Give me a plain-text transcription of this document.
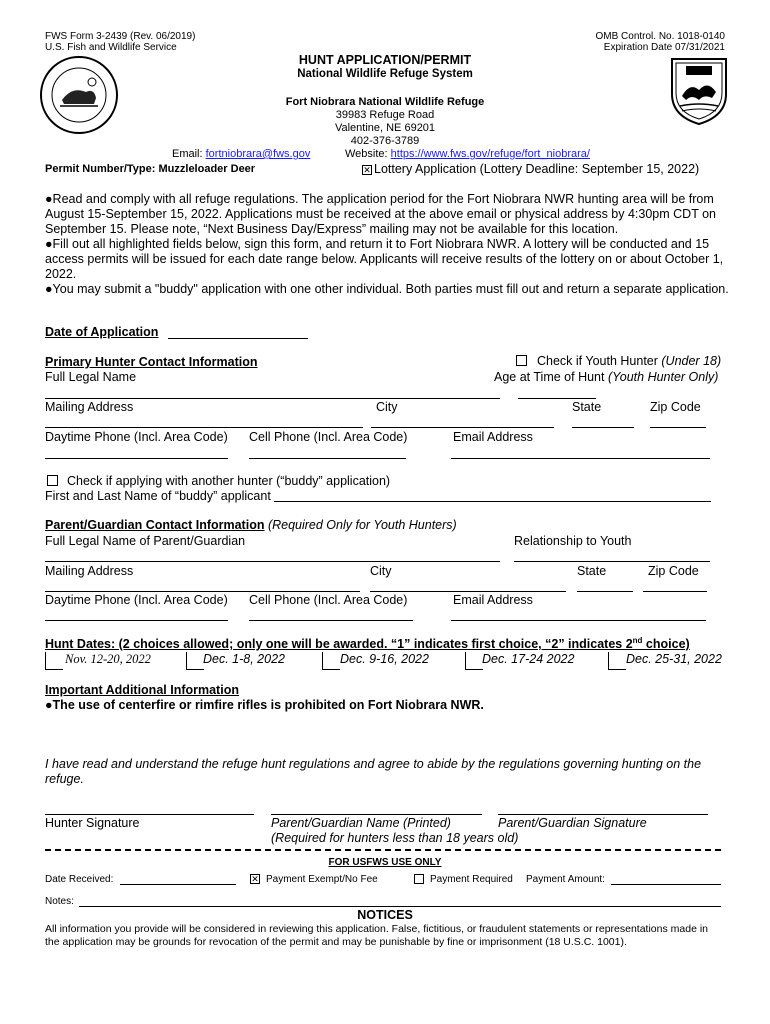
FWS Form 3-2439 (Rev. 06/2019)
U.S. Fish and Wildlife Service
OMB Control. No. 1018-0140
Expiration Date 07/31/2021
HUNT APPLICATION/PERMIT
National Wildlife Refuge System
Fort Niobrara National Wildlife Refuge
39983 Refuge Road
Valentine, NE 69201
402-376-3789
Email: fortniobrara@fws.gov	Website: https://www.fws.gov/refuge/fort_niobrara/
Permit Number/Type: Muzzleloader Deer	✕ Lottery Application (Lottery Deadline: September 15, 2022)
●Read and comply with all refuge regulations. The application period for the Fort Niobrara NWR hunting area will be from August 15-September 15, 2022. Applications must be received at the above email or physical address by 4:30pm CDT on September 15. Please note, “Next Business Day/Express” mailing may not be available for this location.
●Fill out all highlighted fields below, sign this form, and return it to Fort Niobrara NWR. A lottery will be conducted and 15 access permits will be issued for each date range below. Applicants will receive results of the lottery on or about October 1, 2022.
●You may submit a "buddy" application with one other individual. Both parties must fill out and return a separate application.
Date of Application
Primary Hunter Contact Information	Check if Youth Hunter (Under 18)
Full Legal Name	Age at Time of Hunt (Youth Hunter Only)
Mailing Address	City	State	Zip Code
Daytime Phone (Incl. Area Code) Cell Phone (Incl. Area Code)	Email Address
Check if applying with another hunter (“buddy” application)
First and Last Name of “buddy” applicant
Parent/Guardian Contact Information (Required Only for Youth Hunters)
Full Legal Name of Parent/Guardian	Relationship to Youth
Mailing Address	City	State	Zip Code
Daytime Phone (Incl. Area Code) Cell Phone (Incl. Area Code)	Email Address
Hunt Dates: (2 choices allowed; only one will be awarded. “1” indicates first choice, “2” indicates 2nd choice)
Nov. 12-20, 2022	Dec. 1-8, 2022	Dec. 9-16, 2022	Dec. 17-24 2022	Dec. 25-31, 2022
Important Additional Information
●The use of centerfire or rimfire rifles is prohibited on Fort Niobrara NWR.
I have read and understand the refuge hunt regulations and agree to abide by the regulations governing hunting on the refuge.
Hunter Signature	Parent/Guardian Name (Printed)	Parent/Guardian Signature
(Required for hunters less than 18 years old)
FOR USFWS USE ONLY
Date Received:	✕ Payment Exempt/No Fee	Payment Required Payment Amount:
Notes:
NOTICES
All information you provide will be considered in reviewing this application. False, fictitious, or fraudulent statements or representations made in the application may be grounds for revocation of the permit and may be punishable by fine or imprisonment (18 U.S.C. 1001).
